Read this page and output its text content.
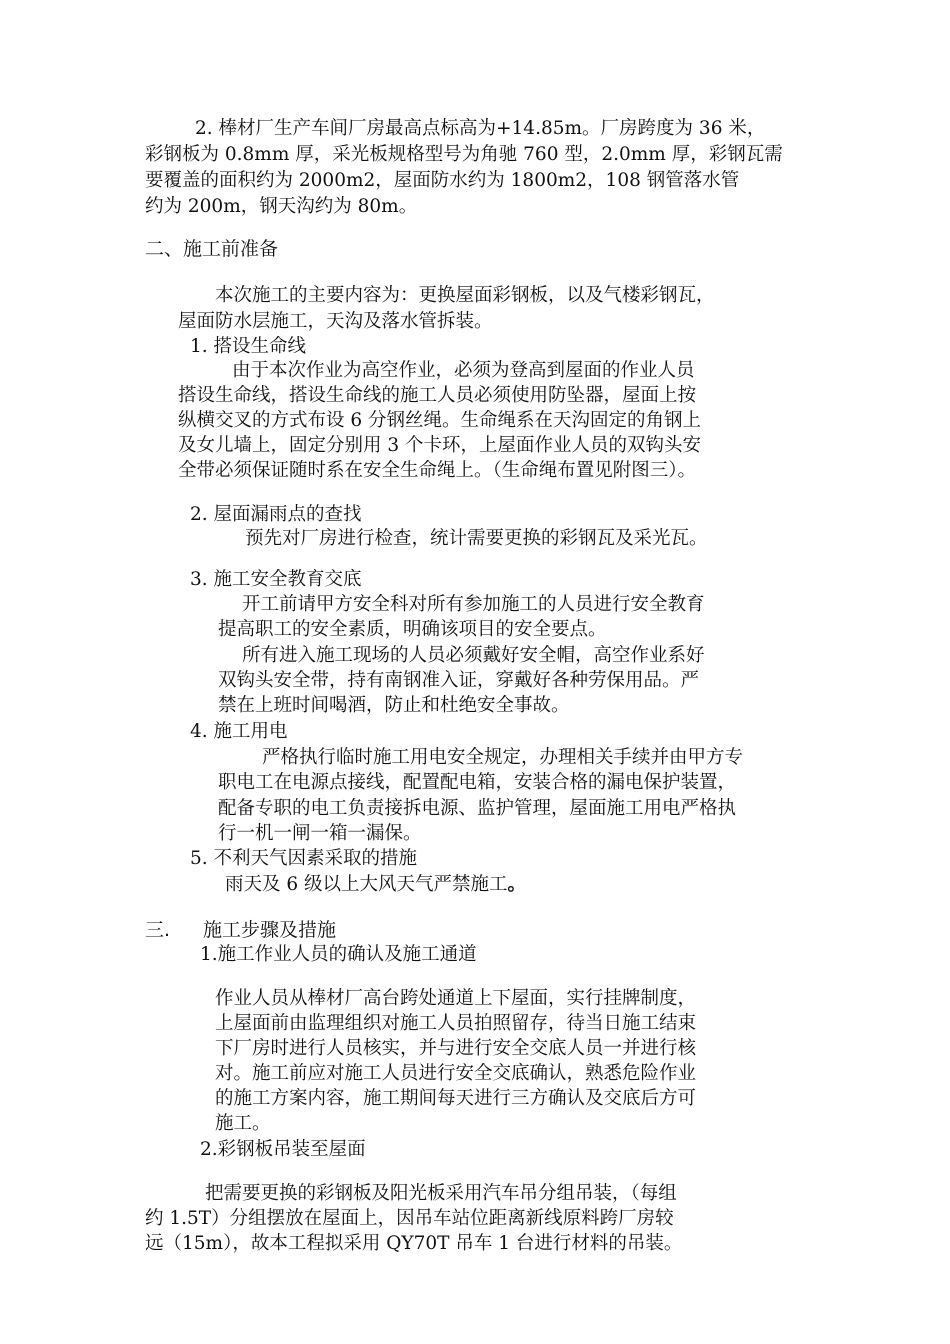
2. 棒材厂生产车间厂房最高点标高为+14.85m。厂房跨度为 36 米，
彩钢板为 0.8mm 厚，采光板规格型号为角驰 760 型，2.0mm 厚，彩钢瓦需
要覆盖的面积约为 2000m2，屋面防水约为 1800m2，108 钢管落水管
约为 200m，钢天沟约为 80m。
二、施工前准备
本次施工的主要内容为：更换屋面彩钢板，以及气楼彩钢瓦，
屋面防水层施工，天沟及落水管拆装。
1. 搭设生命线
由于本次作业为高空作业，必须为登高到屋面的作业人员
搭设生命线，搭设生命线的施工人员必须使用防坠器，屋面上按
纵横交叉的方式布设 6 分钢丝绳。生命绳系在天沟固定的角钢上
及女儿墙上，固定分别用 3 个卡环，上屋面作业人员的双钩头安
全带必须保证随时系在安全生命绳上。（生命绳布置见附图三）。
2. 屋面漏雨点的查找
预先对厂房进行检查，统计需要更换的彩钢瓦及采光瓦。
3. 施工安全教育交底
开工前请甲方安全科对所有参加施工的人员进行安全教育
提高职工的安全素质，明确该项目的安全要点。
所有进入施工现场的人员必须戴好安全帽，高空作业系好
双钩头安全带，持有南钢准入证，穿戴好各种劳保用品。严
禁在上班时间喝酒，防止和杜绝安全事故。
4. 施工用电
严格执行临时施工用电安全规定，办理相关手续并由甲方专
职电工在电源点接线，配置配电箱，安装合格的漏电保护装置，
配备专职的电工负责接拆电源、监护管理，屋面施工用电严格执
行一机一闸一箱一漏保。
5. 不利天气因素采取的措施
雨天及 6 级以上大风天气严禁施工。
三. 施工步骤及措施
1.施工作业人员的确认及施工通道
作业人员从棒材厂高台跨处通道上下屋面，实行挂牌制度，
上屋面前由监理组织对施工人员拍照留存，待当日施工结束
下厂房时进行人员核实，并与进行安全交底人员一并进行核
对。施工前应对施工人员进行安全交底确认，熟悉危险作业
的施工方案内容，施工期间每天进行三方确认及交底后方可
施工。
2.彩钢板吊装至屋面
把需要更换的彩钢板及阳光板采用汽车吊分组吊装，（每组
约 1.5T）分组摆放在屋面上，因吊车站位距离新线原料跨厂房较
远（15m），故本工程拟采用 QY70T 吊车 1 台进行材料的吊装。
